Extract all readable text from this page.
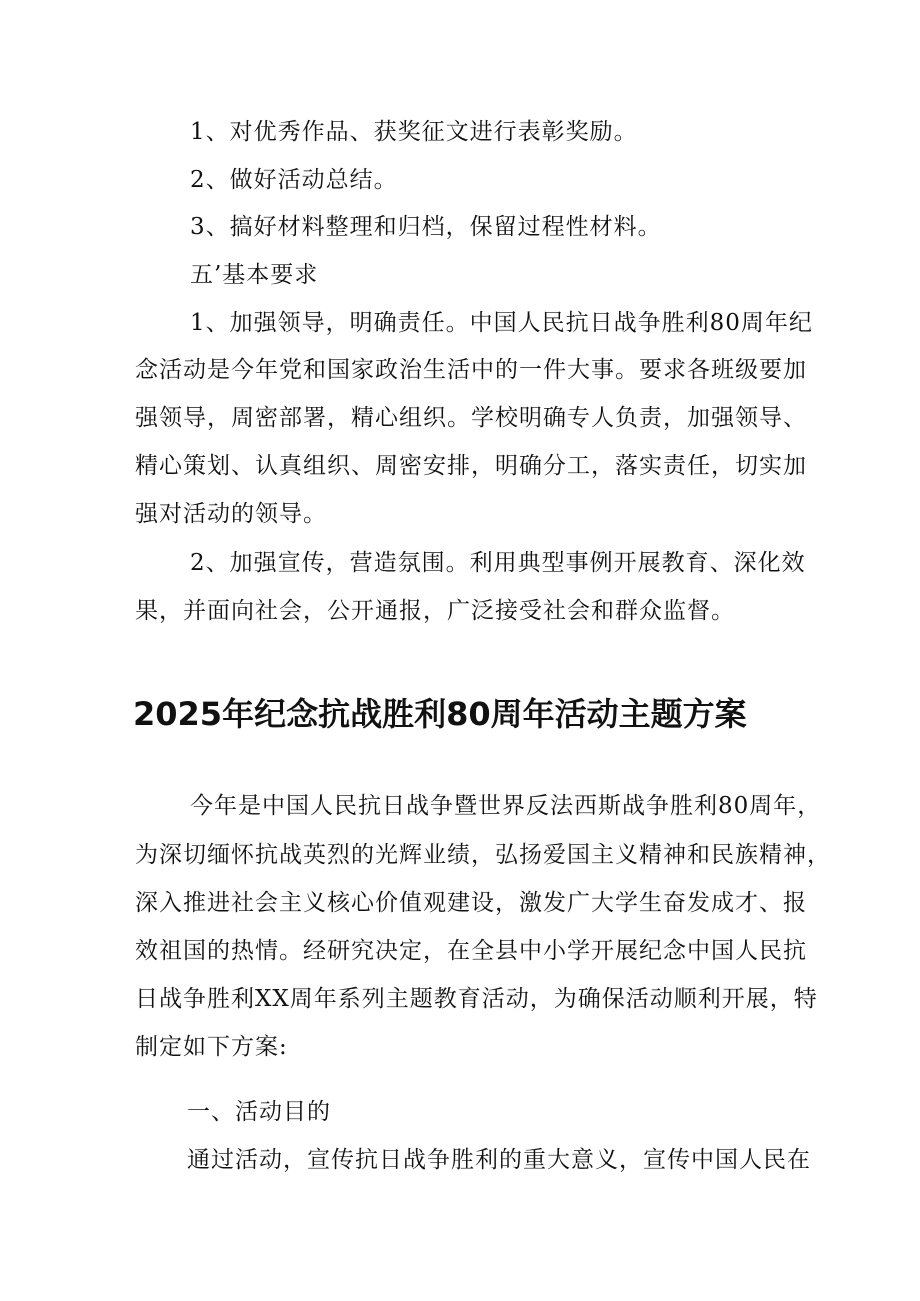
1、对优秀作品、获奖征文进行表彰奖励。

2、做好活动总结。

3、搞好材料整理和归档，保留过程性材料。

五’基本要求

1、加强领导，明确责任。中国人民抗日战争胜利80周年纪

念活动是今年党和国家政治生活中的一件大事。要求各班级要加

强领导，周密部署，精心组织。学校明确专人负责，加强领导、

精心策划、认真组织、周密安排，明确分工，落实责任，切实加

强对活动的领导。

2、加强宣传，营造氛围。利用典型事例开展教育、深化效

果，并面向社会，公开通报，广泛接受社会和群众监督。

2025年纪念抗战胜利80周年活动主题方案

今年是中国人民抗日战争暨世界反法西斯战争胜利80周年，

为深切缅怀抗战英烈的光辉业绩，弘扬爱国主义精神和民族精神，

深入推进社会主义核心价值观建设，激发广大学生奋发成才、报

效祖国的热情。经研究决定，在全县中小学开展纪念中国人民抗

日战争胜利XX周年系列主题教育活动，为确保活动顺利开展，特

制定如下方案:

一、活动目的

通过活动，宣传抗日战争胜利的重大意义，宣传中国人民在
